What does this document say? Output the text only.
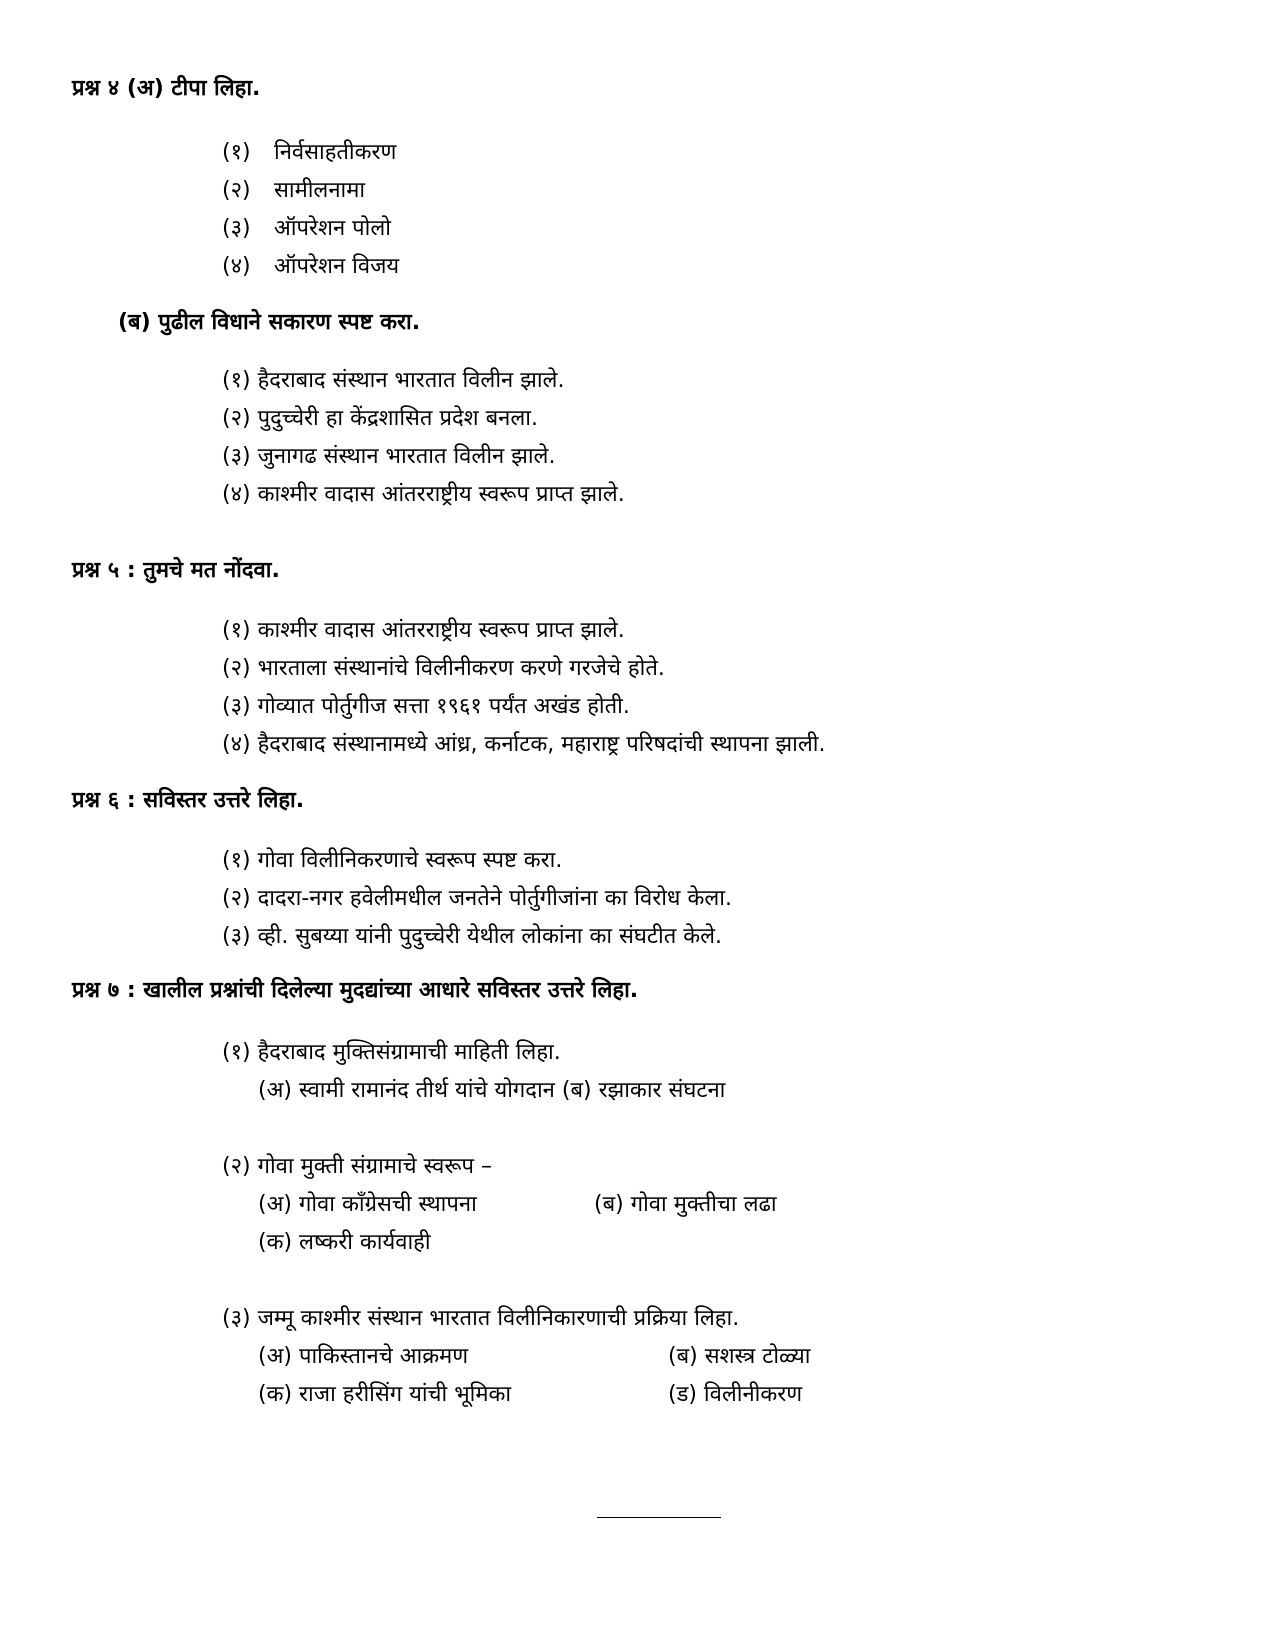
प्रश्न ४ (अ) टीपा लिहा.
(१) निर्वसाहतीकरण
(२) सामीलनामा
(३) ऑपरेशन पोलो
(४) ऑपरेशन विजय
(ब) पुढील विधाने सकारण स्पष्ट करा.
(१) हैदराबाद संस्थान भारतात विलीन झाले.
(२) पुदुच्चेरी हा केंद्रशासित प्रदेश बनला.
(३) जुनागढ संस्थान भारतात विलीन झाले.
(४) काश्मीर वादास आंतरराष्ट्रीय स्वरूप प्राप्त झाले.
प्रश्न ५ : तुमचे मत नोंदवा.
(१) काश्मीर वादास आंतरराष्ट्रीय स्वरूप प्राप्त झाले.
(२) भारताला संस्थानांचे विलीनीकरण करणे गरजेचे होते.
(३) गोव्यात पोर्तुगीज सत्ता १९६१ पर्यंत अखंड होती.
(४) हैदराबाद संस्थानामध्ये आंध्र, कर्नाटक, महाराष्ट्र परिषदांची स्थापना झाली.
प्रश्न ६ : सविस्तर उत्तरे लिहा.
(१) गोवा विलीनिकरणाचे स्वरूप स्पष्ट करा.
(२) दादरा-नगर हवेलीमधील जनतेने पोर्तुगीजांना का विरोध केला.
(३) व्ही. सुबय्या यांनी पुदुच्चेरी येथील लोकांना का संघटीत केले.
प्रश्न ७ : खालील प्रश्नांची दिलेल्या मुदद्यांच्या आधारे सविस्तर उत्तरे लिहा.
(१) हैदराबाद मुक्तिसंग्रामाची माहिती लिहा.
(अ) स्वामी रामानंद तीर्थ यांचे योगदान (ब) रझाकार संघटना
(२) गोवा मुक्ती संग्रामाचे स्वरूप –
(अ) गोवा कॉंग्रेसची स्थापना	(ब) गोवा मुक्तीचा लढा
(क) लष्करी कार्यवाही
(३) जम्मू काश्मीर संस्थान भारतात विलीनिकारणाची प्रक्रिया लिहा.
(अ) पाकिस्तानचे आक्रमण	(ब) सशस्त्र टोळ्या
(क) राजा हरीसिंग यांची भूमिका	(ड) विलीनीकरण
